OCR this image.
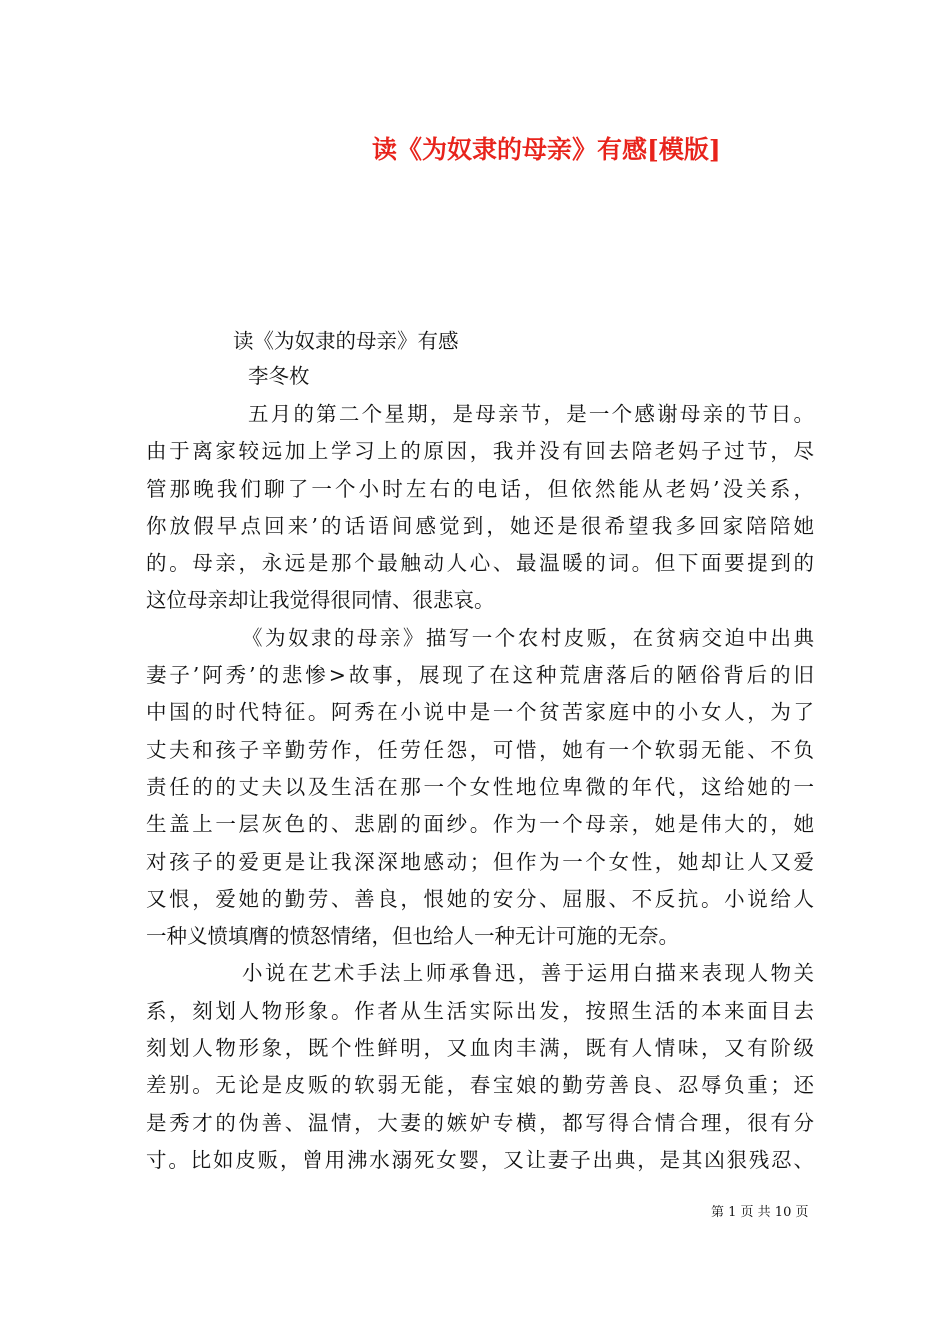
读《为奴隶的母亲》有感[模版]
读《为奴隶的母亲》有感
李冬枚
五月的第二个星期，是母亲节，是一个感谢母亲的节日。
由于离家较远加上学习上的原因，我并没有回去陪老妈子过节，尽
管那晚我们聊了一个小时左右的电话，但依然能从老妈’没关系，
你放假早点回来’的话语间感觉到，她还是很希望我多回家陪陪她
的。母亲，永远是那个最触动人心、最温暖的词。但下面要提到的
这位母亲却让我觉得很同情、很悲哀。
《为奴隶的母亲》描写一个农村皮贩，在贫病交迫中出典
妻子’阿秀’的悲惨>故事，展现了在这种荒唐落后的陋俗背后的旧
中国的时代特征。阿秀在小说中是一个贫苦家庭中的小女人，为了
丈夫和孩子辛勤劳作，任劳任怨，可惜，她有一个软弱无能、不负
责任的的丈夫以及生活在那一个女性地位卑微的年代，这给她的一
生盖上一层灰色的、悲剧的面纱。作为一个母亲，她是伟大的，她
对孩子的爱更是让我深深地感动；但作为一个女性，她却让人又爱
又恨，爱她的勤劳、善良，恨她的安分、屈服、不反抗。小说给人
一种义愤填膺的愤怒情绪，但也给人一种无计可施的无奈。
小说在艺术手法上师承鲁迅，善于运用白描来表现人物关
系，刻划人物形象。作者从生活实际出发，按照生活的本来面目去
刻划人物形象，既个性鲜明，又血肉丰满，既有人情味，又有阶级
差别。无论是皮贩的软弱无能，春宝娘的勤劳善良、忍辱负重；还
是秀才的伪善、温情，大妻的嫉妒专横，都写得合情合理，很有分
寸。比如皮贩，曾用沸水溺死女婴，又让妻子出典，是其凶狠残忍、
第 1 页 共 10 页
